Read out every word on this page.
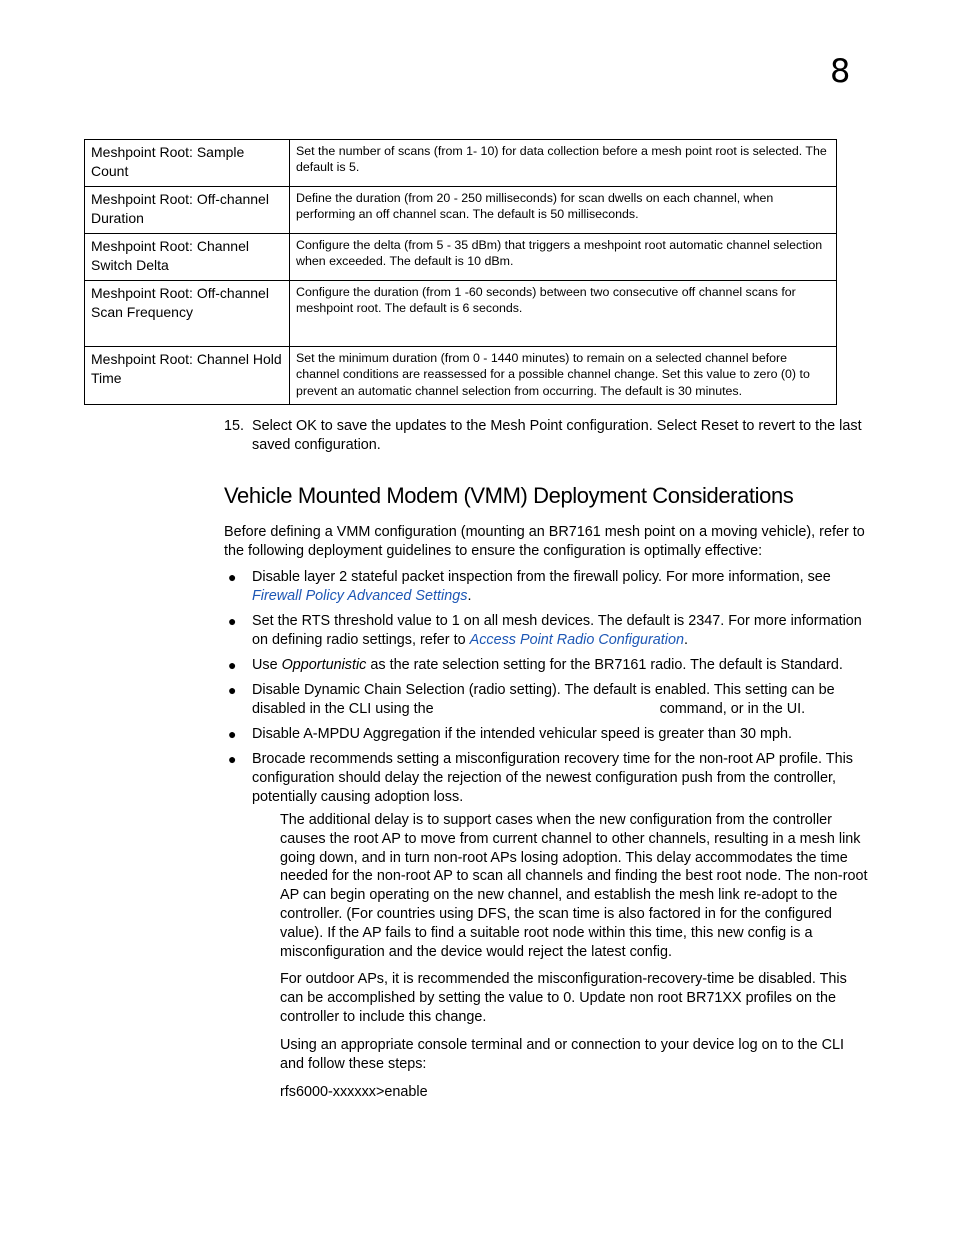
8
Meshpoint Root: Sample Count	Set the number of scans (from 1- 10) for data collection before a mesh point root is selected. The default is 5.
Meshpoint Root: Off-channel Duration	Define the duration (from 20 - 250 milliseconds) for scan dwells on each channel, when performing an off channel scan. The default is 50 milliseconds.
Meshpoint Root: Channel Switch Delta	Configure the delta (from 5 - 35 dBm) that triggers a meshpoint root automatic channel selection when exceeded. The default is 10 dBm.
Meshpoint Root: Off-channel Scan Frequency	Configure the duration (from 1 -60 seconds) between two consecutive off channel scans for meshpoint root. The default is 6 seconds.
Meshpoint Root: Channel Hold Time	Set the minimum duration (from 0 - 1440 minutes) to remain on a selected channel before channel conditions are reassessed for a possible channel change. Set this value to zero (0) to prevent an automatic channel selection from occurring. The default is 30 minutes.
15. Select OK to save the updates to the Mesh Point configuration. Select Reset to revert to the last saved configuration.
Vehicle Mounted Modem (VMM) Deployment Considerations
Before defining a VMM configuration (mounting an BR7161 mesh point on a moving vehicle), refer to the following deployment guidelines to ensure the configuration is optimally effective:
● Disable layer 2 stateful packet inspection from the firewall policy. For more information, see Firewall Policy Advanced Settings.
● Set the RTS threshold value to 1 on all mesh devices. The default is 2347. For more information on defining radio settings, refer to Access Point Radio Configuration.
● Use Opportunistic as the rate selection setting for the BR7161 radio. The default is Standard.
● Disable Dynamic Chain Selection (radio setting). The default is enabled. This setting can be disabled in the CLI using the	command, or in the UI.
● Disable A-MPDU Aggregation if the intended vehicular speed is greater than 30 mph.
● Brocade recommends setting a misconfiguration recovery time for the non-root AP profile. This configuration should delay the rejection of the newest configuration push from the controller, potentially causing adoption loss.
The additional delay is to support cases when the new configuration from the controller causes the root AP to move from current channel to other channels, resulting in a mesh link going down, and in turn non-root APs losing adoption. This delay accommodates the time needed for the non-root AP to scan all channels and finding the best root node. The non-root AP can begin operating on the new channel, and establish the mesh link re-adopt to the controller. (For countries using DFS, the scan time is also factored in for the configured value). If the AP fails to find a suitable root node within this time, this new config is a misconfiguration and the device would reject the latest config.
For outdoor APs, it is recommended the misconfiguration-recovery-time be disabled. This can be accomplished by setting the value to 0. Update non root BR71XX profiles on the controller to include this change.
Using an appropriate console terminal and or connection to your device log on to the CLI and follow these steps:
rfs6000-xxxxxx>enable
